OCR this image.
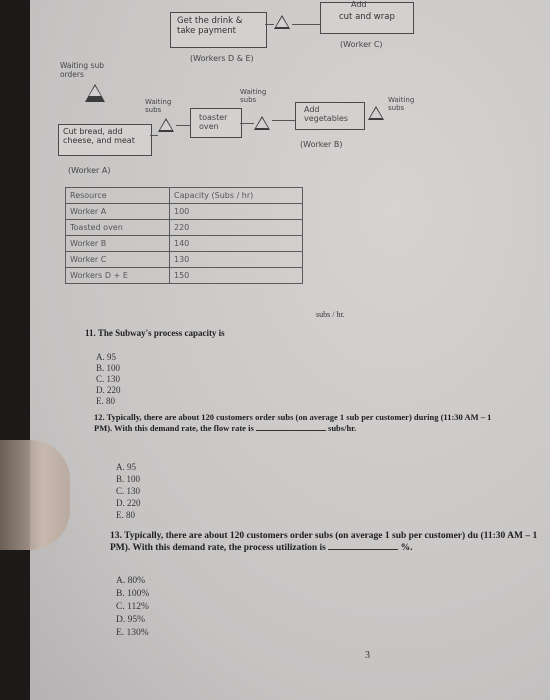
Get the drink & take payment
(Workers D & E)
Add
cut and wrap
(Worker C)
Waiting sub orders
Waiting subs
toaster oven
Waiting subs
Add vegetables
(Worker B)
Waiting subs
Cut bread, add cheese, and meat
(Worker A)
Resource	Capacity (Subs / hr)
Worker A	100
Toasted oven	220
Worker B	140
Worker C	130
Workers D + E	150
11. The Subway's process capacity is
subs / hr.
A. 95
B. 100
C. 130
D. 220
E. 80
12. Typically, there are about 120 customers order subs (on average 1 sub per customer) during (11:30 AM – 1 PM). With this demand rate, the flow rate is	subs/hr.
A. 95
B. 100
C. 130
D. 220
E. 80
13. Typically, there are about 120 customers order subs (on average 1 sub per customer) du (11:30 AM – 1 PM). With this demand rate, the process utilization is	%.
A. 80%
B. 100%
C. 112%
D. 95%
E. 130%
3
